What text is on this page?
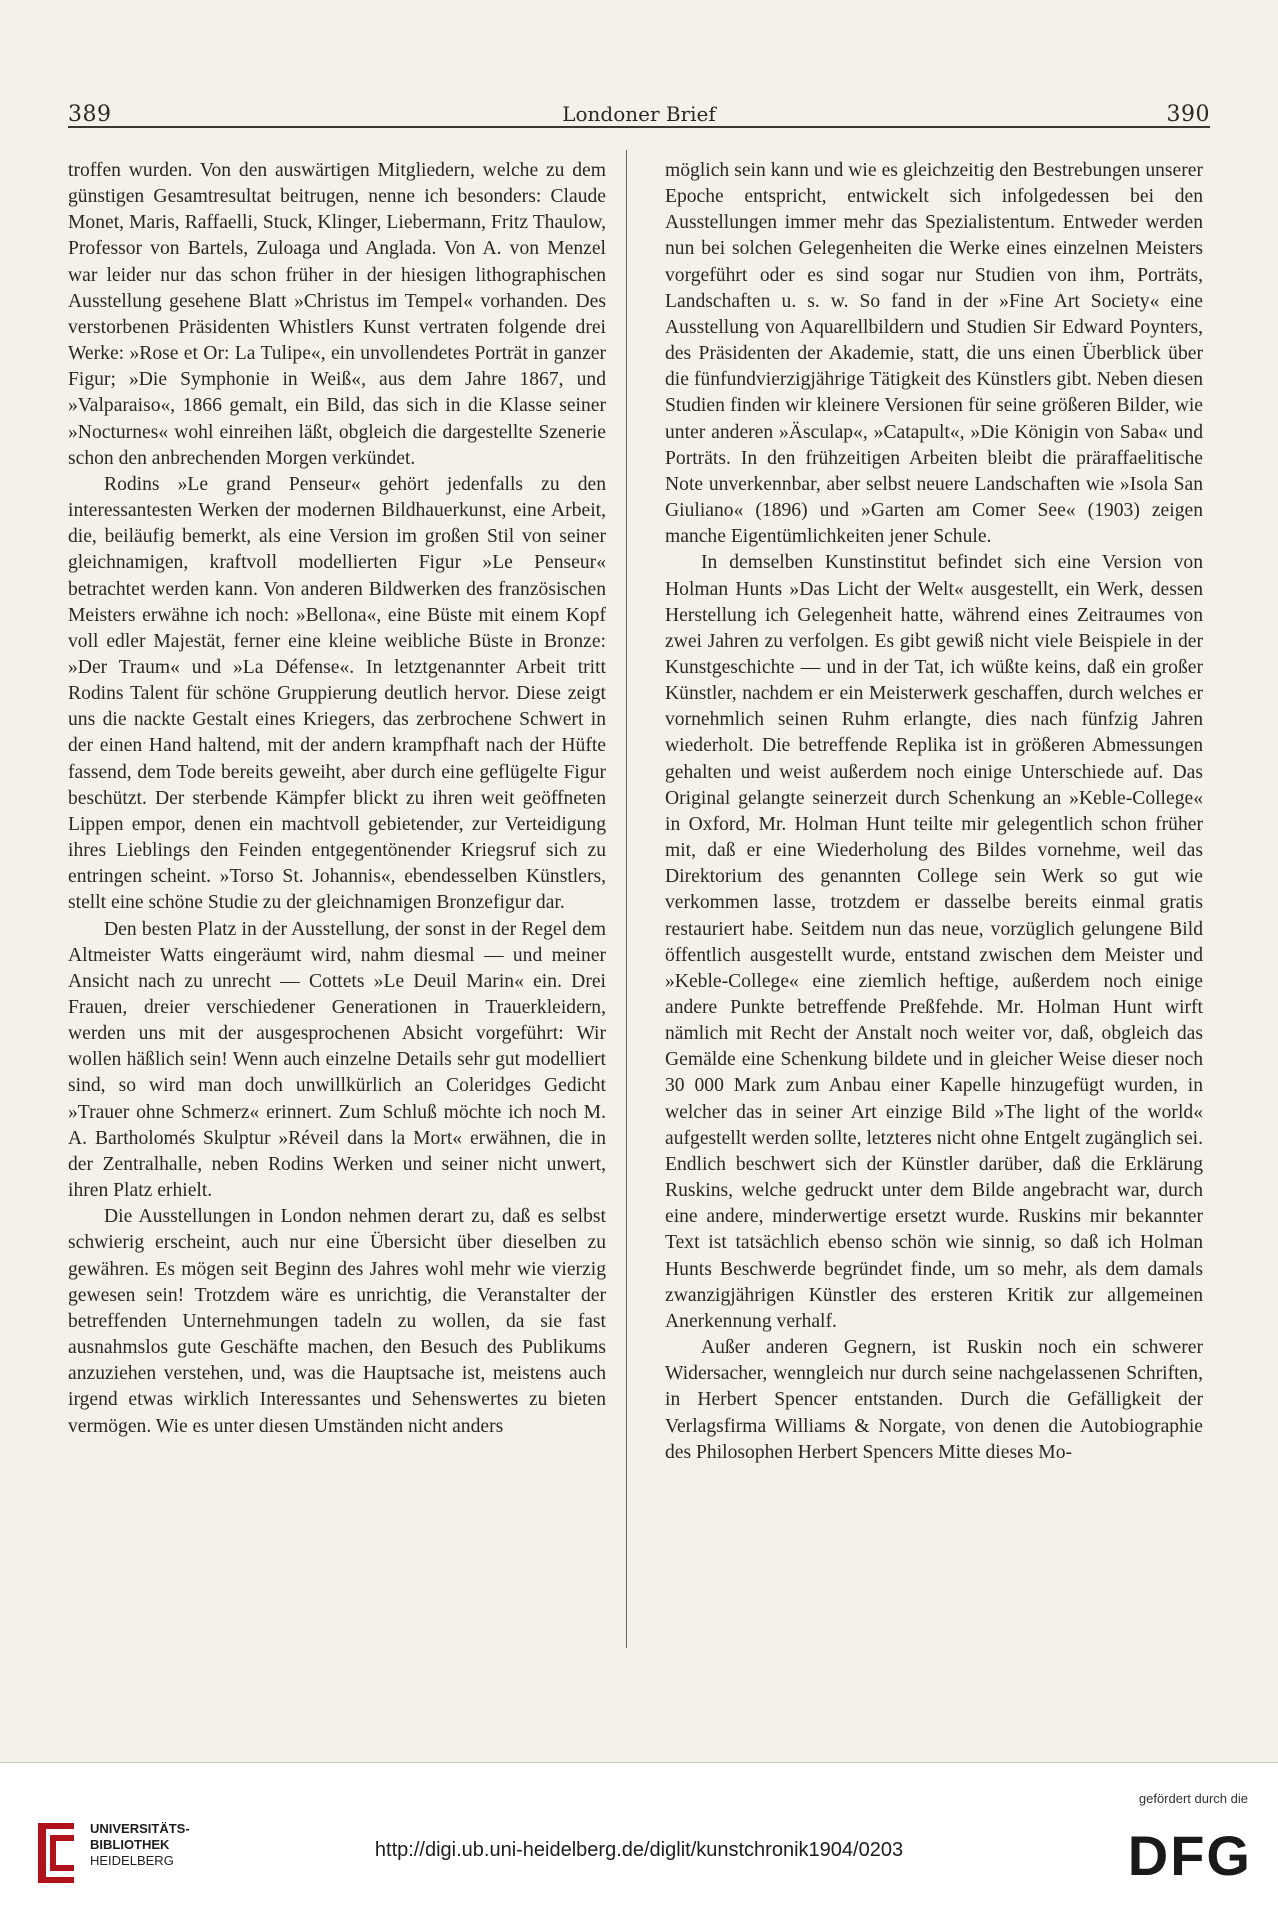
389	Londoner Brief	390

troffen wurden. Von den auswärtigen Mitgliedern, welche zu dem günstigen Gesamtresultat beitrugen, nenne ich besonders: Claude Monet, Maris, Raffaelli, Stuck, Klinger, Liebermann, Fritz Thaulow, Professor von Bartels, Zuloaga und Anglada. Von A. von Menzel war leider nur das schon früher in der hiesigen lithographischen Ausstellung gesehene Blatt »Christus im Tempel« vorhanden. Des verstorbenen Präsidenten Whistlers Kunst vertraten folgende drei Werke: »Rose et Or: La Tulipe«, ein unvollendetes Porträt in ganzer Figur; »Die Symphonie in Weiß«, aus dem Jahre 1867, und »Valparaiso«, 1866 gemalt, ein Bild, das sich in die Klasse seiner »Nocturnes« wohl einreihen läßt, obgleich die dargestellte Szenerie schon den anbrechenden Morgen verkündet.

Rodins »Le grand Penseur« gehört jedenfalls zu den interessantesten Werken der modernen Bildhauerkunst, eine Arbeit, die, beiläufig bemerkt, als eine Version im großen Stil von seiner gleichnamigen, kraftvoll modellierten Figur »Le Penseur« betrachtet werden kann. Von anderen Bildwerken des französischen Meisters erwähne ich noch: »Bellona«, eine Büste mit einem Kopf voll edler Majestät, ferner eine kleine weibliche Büste in Bronze: »Der Traum« und »La Défense«. In letztgenannter Arbeit tritt Rodins Talent für schöne Gruppierung deutlich hervor. Diese zeigt uns die nackte Gestalt eines Kriegers, das zerbrochene Schwert in der einen Hand haltend, mit der andern krampfhaft nach der Hüfte fassend, dem Tode bereits geweiht, aber durch eine geflügelte Figur beschützt. Der sterbende Kämpfer blickt zu ihren weit geöffneten Lippen empor, denen ein machtvoll gebietender, zur Verteidigung ihres Lieblings den Feinden entgegentönender Kriegsruf sich zu entringen scheint. »Torso St. Johannis«, ebendesselben Künstlers, stellt eine schöne Studie zu der gleichnamigen Bronzefigur dar.

Den besten Platz in der Ausstellung, der sonst in der Regel dem Altmeister Watts eingeräumt wird, nahm diesmal — und meiner Ansicht nach zu unrecht — Cottets »Le Deuil Marin« ein. Drei Frauen, dreier verschiedener Generationen in Trauerkleidern, werden uns mit der ausgesprochenen Absicht vorgeführt: Wir wollen häßlich sein! Wenn auch einzelne Details sehr gut modelliert sind, so wird man doch unwillkürlich an Coleridges Gedicht »Trauer ohne Schmerz« erinnert. Zum Schluß möchte ich noch M. A. Bartholomés Skulptur »Réveil dans la Mort« erwähnen, die in der Zentralhalle, neben Rodins Werken und seiner nicht unwert, ihren Platz erhielt.

Die Ausstellungen in London nehmen derart zu, daß es selbst schwierig erscheint, auch nur eine Übersicht über dieselben zu gewähren. Es mögen seit Beginn des Jahres wohl mehr wie vierzig gewesen sein! Trotzdem wäre es unrichtig, die Veranstalter der betreffenden Unternehmungen tadeln zu wollen, da sie fast ausnahmslos gute Geschäfte machen, den Besuch des Publikums anzuziehen verstehen, und, was die Hauptsache ist, meistens auch irgend etwas wirklich Interessantes und Sehenswertes zu bieten vermögen. Wie es unter diesen Umständen nicht anders

möglich sein kann und wie es gleichzeitig den Bestrebungen unserer Epoche entspricht, entwickelt sich infolgedessen bei den Ausstellungen immer mehr das Spezialistentum. Entweder werden nun bei solchen Gelegenheiten die Werke eines einzelnen Meisters vorgeführt oder es sind sogar nur Studien von ihm, Porträts, Landschaften u. s. w. So fand in der »Fine Art Society« eine Ausstellung von Aquarellbildern und Studien Sir Edward Poynters, des Präsidenten der Akademie, statt, die uns einen Überblick über die fünfundvierzigjährige Tätigkeit des Künstlers gibt. Neben diesen Studien finden wir kleinere Versionen für seine größeren Bilder, wie unter anderen »Äsculap«, »Catapult«, »Die Königin von Saba« und Porträts. In den frühzeitigen Arbeiten bleibt die präraffaelitische Note unverkennbar, aber selbst neuere Landschaften wie »Isola San Giuliano« (1896) und »Garten am Comer See« (1903) zeigen manche Eigentümlichkeiten jener Schule.

In demselben Kunstinstitut befindet sich eine Version von Holman Hunts »Das Licht der Welt« ausgestellt, ein Werk, dessen Herstellung ich Gelegenheit hatte, während eines Zeitraumes von zwei Jahren zu verfolgen. Es gibt gewiß nicht viele Beispiele in der Kunstgeschichte — und in der Tat, ich wüßte keins, daß ein großer Künstler, nachdem er ein Meisterwerk geschaffen, durch welches er vornehmlich seinen Ruhm erlangte, dies nach fünfzig Jahren wiederholt. Die betreffende Replika ist in größeren Abmessungen gehalten und weist außerdem noch einige Unterschiede auf. Das Original gelangte seinerzeit durch Schenkung an »Keble-College« in Oxford, Mr. Holman Hunt teilte mir gelegentlich schon früher mit, daß er eine Wiederholung des Bildes vornehme, weil das Direktorium des genannten College sein Werk so gut wie verkommen lasse, trotzdem er dasselbe bereits einmal gratis restauriert habe. Seitdem nun das neue, vorzüglich gelungene Bild öffentlich ausgestellt wurde, entstand zwischen dem Meister und »Keble-College« eine ziemlich heftige, außerdem noch einige andere Punkte betreffende Preßfehde. Mr. Holman Hunt wirft nämlich mit Recht der Anstalt noch weiter vor, daß, obgleich das Gemälde eine Schenkung bildete und in gleicher Weise dieser noch 30 000 Mark zum Anbau einer Kapelle hinzugefügt wurden, in welcher das in seiner Art einzige Bild »The light of the world« aufgestellt werden sollte, letzteres nicht ohne Entgelt zugänglich sei. Endlich beschwert sich der Künstler darüber, daß die Erklärung Ruskins, welche gedruckt unter dem Bilde angebracht war, durch eine andere, minderwertige ersetzt wurde. Ruskins mir bekannter Text ist tatsächlich ebenso schön wie sinnig, so daß ich Holman Hunts Beschwerde begründet finde, um so mehr, als dem damals zwanzigjährigen Künstler des ersteren Kritik zur allgemeinen Anerkennung verhalf.

Außer anderen Gegnern, ist Ruskin noch ein schwerer Widersacher, wenngleich nur durch seine nachgelassenen Schriften, in Herbert Spencer entstanden. Durch die Gefälligkeit der Verlagsfirma Williams & Norgate, von denen die Autobiographie des Philosophen Herbert Spencers Mitte dieses Mo-

UNIVERSITÄTS-
BIBLIOTHEK
HEIDELBERG	http://digi.ub.uni-heidelberg.de/diglit/kunstchronik1904/0203
gefördert durch die
DFG
